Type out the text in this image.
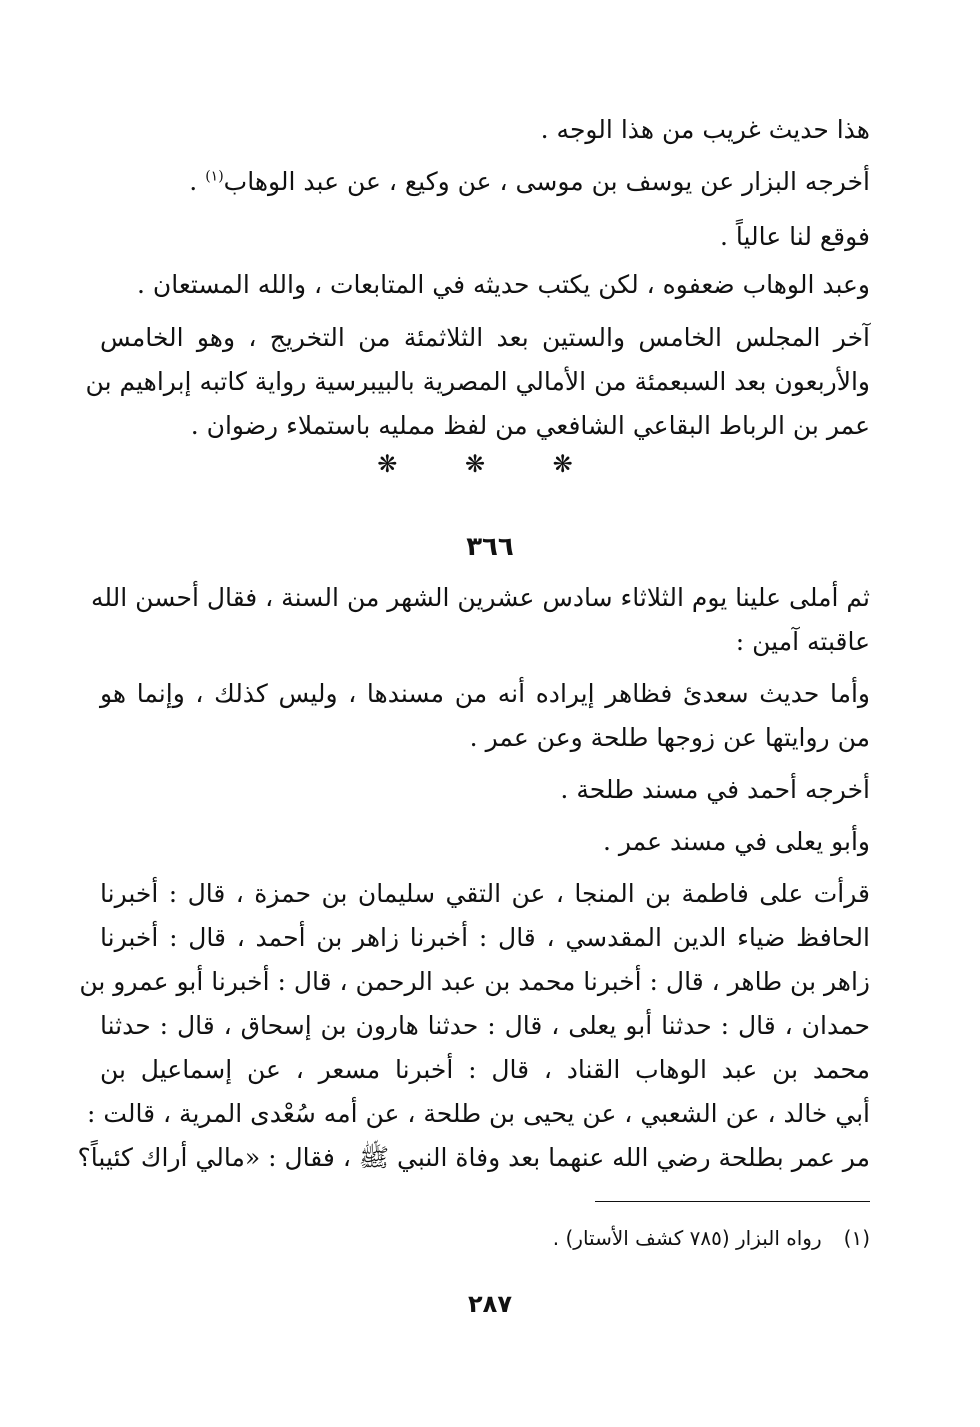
هذا حديث غريب من هذا الوجه .
أخرجه البزار عن يوسف بن موسى ، عن وكيع ، عن عبد الوهاب$^{(١)}$ .
فوقع لنا عالياً .
وعبد الوهاب ضعفوه ، لكن يكتب حديثه في المتابعات ، والله المستعان .
آخر المجلس الخامس والستين بعد الثلاثمئة من التخريج ، وهو الخامس
والأربعون بعد السبعمئة من الأمالي المصرية بالبيبرسية رواية كاتبه إبراهيم بن
عمر بن الرباط البقاعي الشافعي من لفظ مملیه باستملاء رضوان .
❋ ❋ ❋
٣٦٦
ثم أملى علينا يوم الثلاثاء سادس عشرين الشهر من السنة ، فقال أحسن الله
عاقبته آمين :
وأما حديث سعدئ فظاهر إيراده أنه من مسندها ، وليس كذلك ، وإنما هو
من روايتها عن زوجها طلحة وعن عمر .
أخرجه أحمد في مسند طلحة .
وأبو يعلى في مسند عمر .
قرأت على فاطمة بن المنجا ، عن التقي سليمان بن حمزة ، قال : أخبرنا
الحافظ ضياء الدين المقدسي ، قال : أخبرنا زاهر بن أحمد ، قال : أخبرنا
زاهر بن طاهر ، قال : أخبرنا محمد بن عبد الرحمن ، قال : أخبرنا أبو عمرو بن
حمدان ، قال : حدثنا أبو يعلى ، قال : حدثنا هارون بن إسحاق ، قال : حدثنا
محمد بن عبد الوهاب القناد ، قال : أخبرنا مسعر ، عن إسماعيل بن
أبي خالد ، عن الشعبي ، عن يحيى بن طلحة ، عن أمه سُعْدى المرية ، قالت :
مر عمر بطلحة رضي الله عنهما بعد وفاة النبي ﷺ ، فقال : «مالي أراك كئيباً؟
(١)رواه البزار (٧٨٥ كشف الأستار) .
٢٨٧
